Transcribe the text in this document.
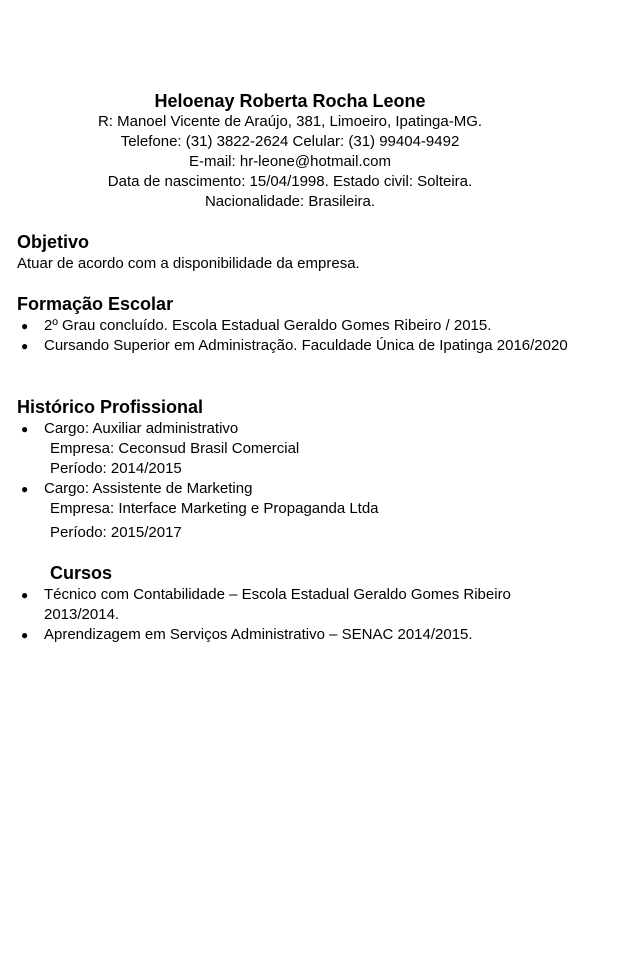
Heloenay Roberta Rocha Leone
R: Manoel Vicente de Araújo, 381, Limoeiro, Ipatinga-MG.
Telefone: (31) 3822-2624 Celular: (31) 99404-9492
E-mail: hr-leone@hotmail.com
Data de nascimento: 15/04/1998. Estado civil: Solteira.
Nacionalidade: Brasileira.
Objetivo
Atuar de acordo com a disponibilidade da empresa.
Formação Escolar
● 2º Grau concluído. Escola Estadual Geraldo Gomes Ribeiro / 2015.
● Cursando Superior em Administração. Faculdade Única de Ipatinga 2016/2020
Histórico Profissional
● Cargo: Auxiliar administrativo
Empresa: Ceconsud Brasil Comercial
Período: 2014/2015
● Cargo: Assistente de Marketing
Empresa: Interface Marketing e Propaganda Ltda
Período: 2015/2017
Cursos
● Técnico com Contabilidade – Escola Estadual Geraldo Gomes Ribeiro 2013/2014.
● Aprendizagem em Serviços Administrativo – SENAC 2014/2015.
